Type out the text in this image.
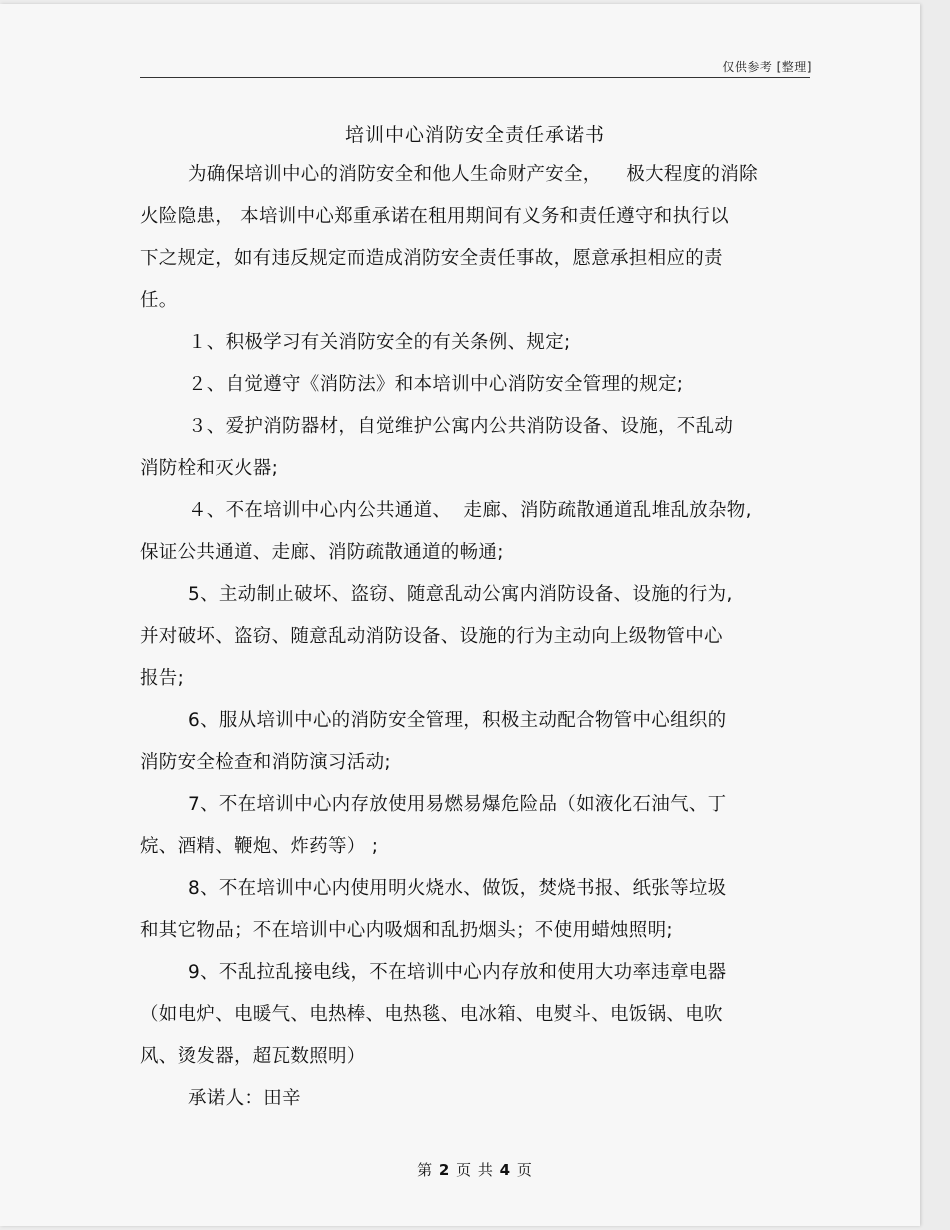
仅供参考 [整理]
培训中心消防安全责任承诺书
为确保培训中心的消防安全和他人生命财产安全，    极大程度的消除
火险隐患， 本培训中心郑重承诺在租用期间有义务和责任遵守和执行以
下之规定，如有违反规定而造成消防安全责任事故，愿意承担相应的责
任。
１、积极学习有关消防安全的有关条例、规定;
２、自觉遵守《消防法》和本培训中心消防安全管理的规定;
３、爱护消防器材，自觉维护公寓内公共消防设备、设施，不乱动
消防栓和灭火器;
４、不在培训中心内公共通道、  走廊、消防疏散通道乱堆乱放杂物,
保证公共通道、走廊、消防疏散通道的畅通;
5、主动制止破坏、盗窃、随意乱动公寓内消防设备、设施的行为,
并对破坏、盗窃、随意乱动消防设备、设施的行为主动向上级物管中心
报告;
6、服从培训中心的消防安全管理，积极主动配合物管中心组织的
消防安全检查和消防演习活动;
7、不在培训中心内存放使用易燃易爆危险品（如液化石油气、丁
烷、酒精、鞭炮、炸药等） ;
8、不在培训中心内使用明火烧水、做饭，焚烧书报、纸张等垃圾
和其它物品；不在培训中心内吸烟和乱扔烟头；不使用蜡烛照明;
9、不乱拉乱接电线，不在培训中心内存放和使用大功率违章电器
（如电炉、电暖气、电热棒、电热毯、电冰箱、电熨斗、电饭锅、电吹
风、烫发器，超瓦数照明）
承诺人：田辛
第 2 页 共 4 页
